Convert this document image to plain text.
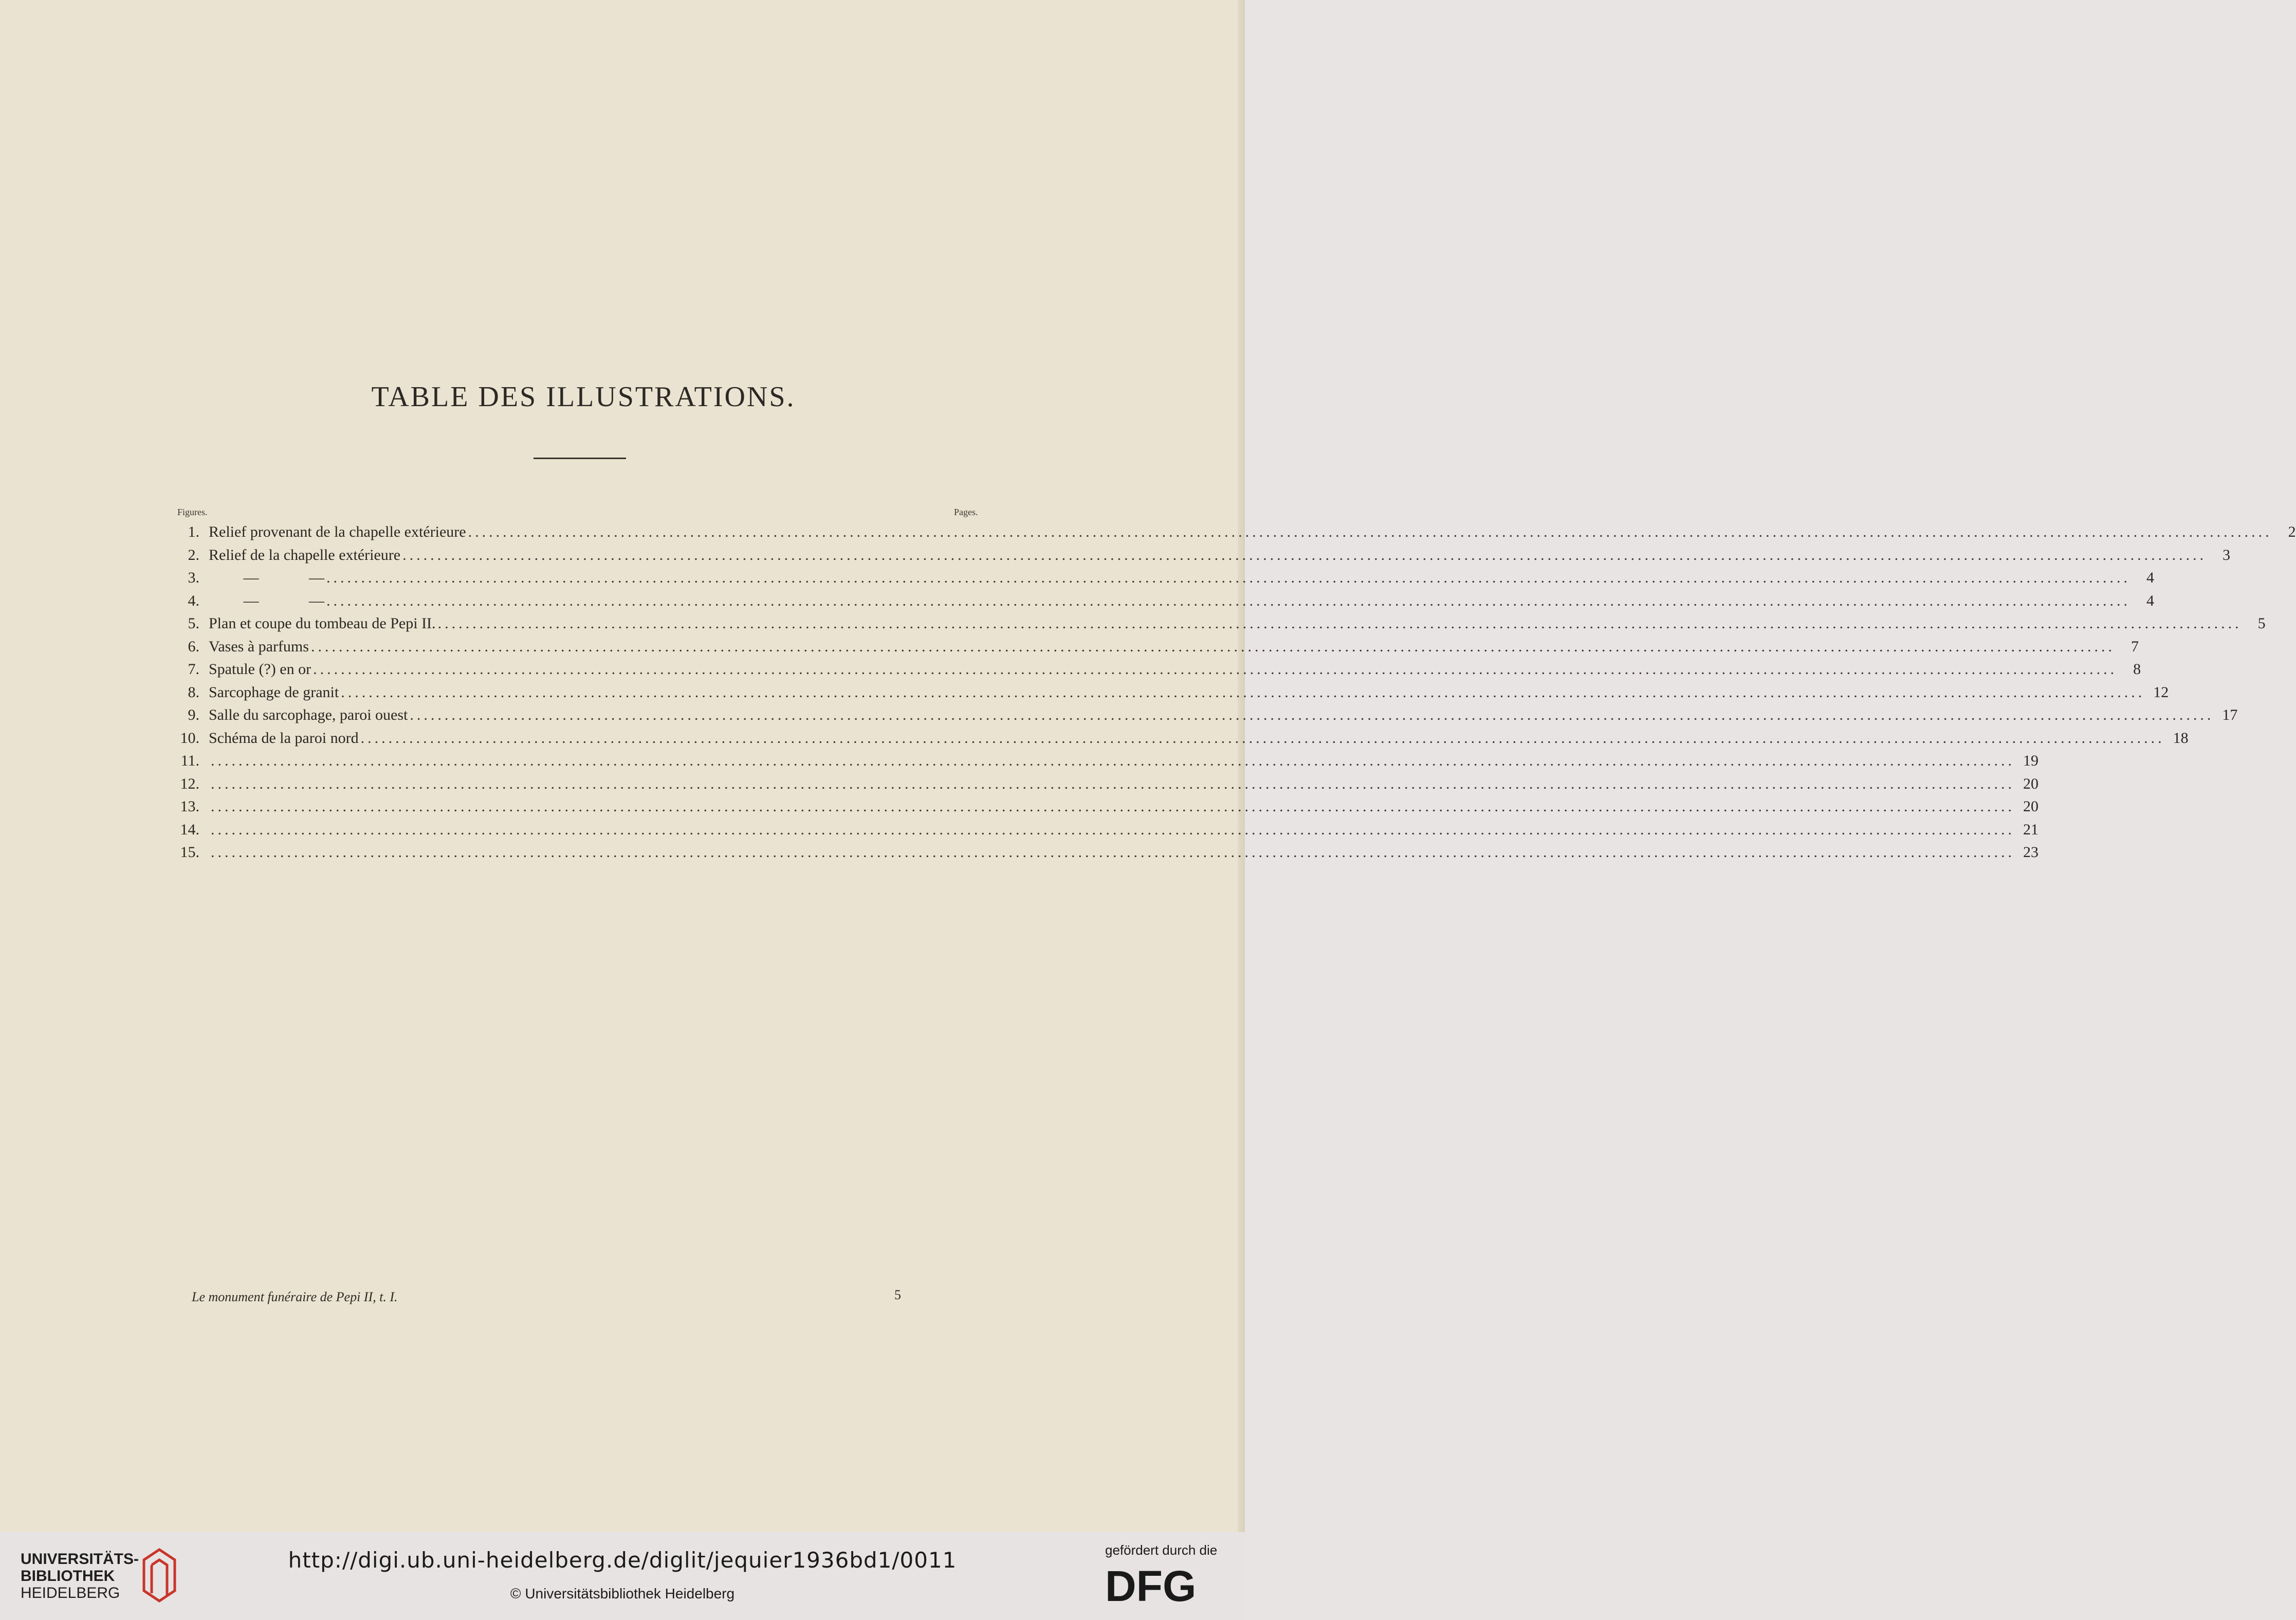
TABLE DES ILLUSTRATIONS.
Figures.	Pages.
1. Relief provenant de la chapelle extérieure ....................................................................................................................................................................................................................................................................	2
2. Relief de la chapelle extérieure ....................................................................................................................................................................................................................................................................	3
3. —             — ....................................................................................................................................................................................................................................................................	4
4. —             — ....................................................................................................................................................................................................................................................................	4
5. Plan et coupe du tombeau de Pepi II. ....................................................................................................................................................................................................................................................................	5
6. Vases à parfums ....................................................................................................................................................................................................................................................................	7
7. Spatule (?) en or ....................................................................................................................................................................................................................................................................	8
8. Sarcophage de granit .................................................................................................................................................................................................................................................................... 12
9. Salle du sarcophage, paroi ouest .................................................................................................................................................................................................................................................................... 17
10. Schéma de la paroi nord .................................................................................................................................................................................................................................................................... 18
11. .................................................................................................................................................................................................................................................................... 19
12. .................................................................................................................................................................................................................................................................... 20
13. .................................................................................................................................................................................................................................................................... 20
14. .................................................................................................................................................................................................................................................................... 21
15. .................................................................................................................................................................................................................................................................... 23
Le monument funéraire de Pepi II, t. I.	5
UNIVERSITÄTS-
BIBLIOTHEK
HEIDELBERG
http://digi.ub.uni-heidelberg.de/diglit/jequier1936bd1/0011
© Universitätsbibliothek Heidelberg
gefördert durch die
DFG
